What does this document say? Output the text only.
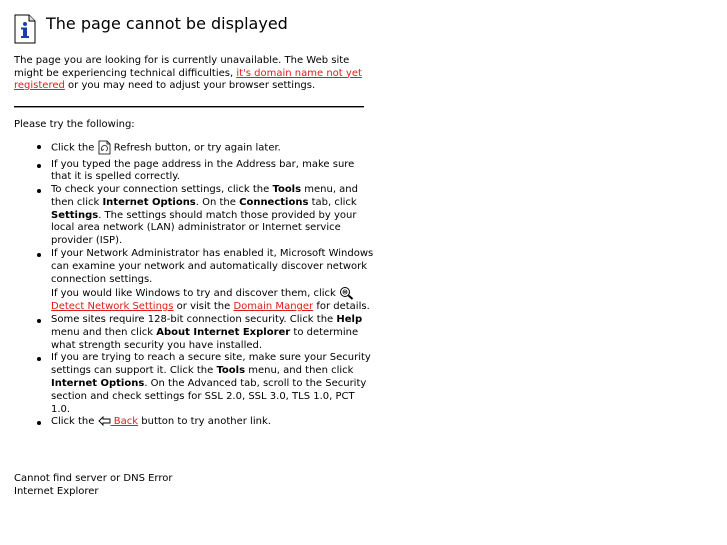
The page cannot be displayed
The page you are looking for is currently unavailable. The Web site might be experiencing technical difficulties, it's domain name not yet registered or you may need to adjust your browser settings.
Please try the following:
Click the  Refresh button, or try again later.
If you typed the page address in the Address bar, make sure that it is spelled correctly.
To check your connection settings, click the Tools menu, and then click Internet Options. On the Connections tab, click Settings. The settings should match those provided by your local area network (LAN) administrator or Internet service provider (ISP).
If your Network Administrator has enabled it, Microsoft Windows can examine your network and automatically discover network connection settings.
If you would like Windows to try and discover them, click  Detect Network Settings or visit the Domain Manger for details.
Some sites require 128-bit connection security. Click the Help menu and then click About Internet Explorer to determine what strength security you have installed.
If you are trying to reach a secure site, make sure your Security settings can support it. Click the Tools menu, and then click Internet Options. On the Advanced tab, scroll to the Security section and check settings for SSL 2.0, SSL 3.0, TLS 1.0, PCT 1.0.
Click the  Back button to try another link.
Cannot find server or DNS Error
Internet Explorer
